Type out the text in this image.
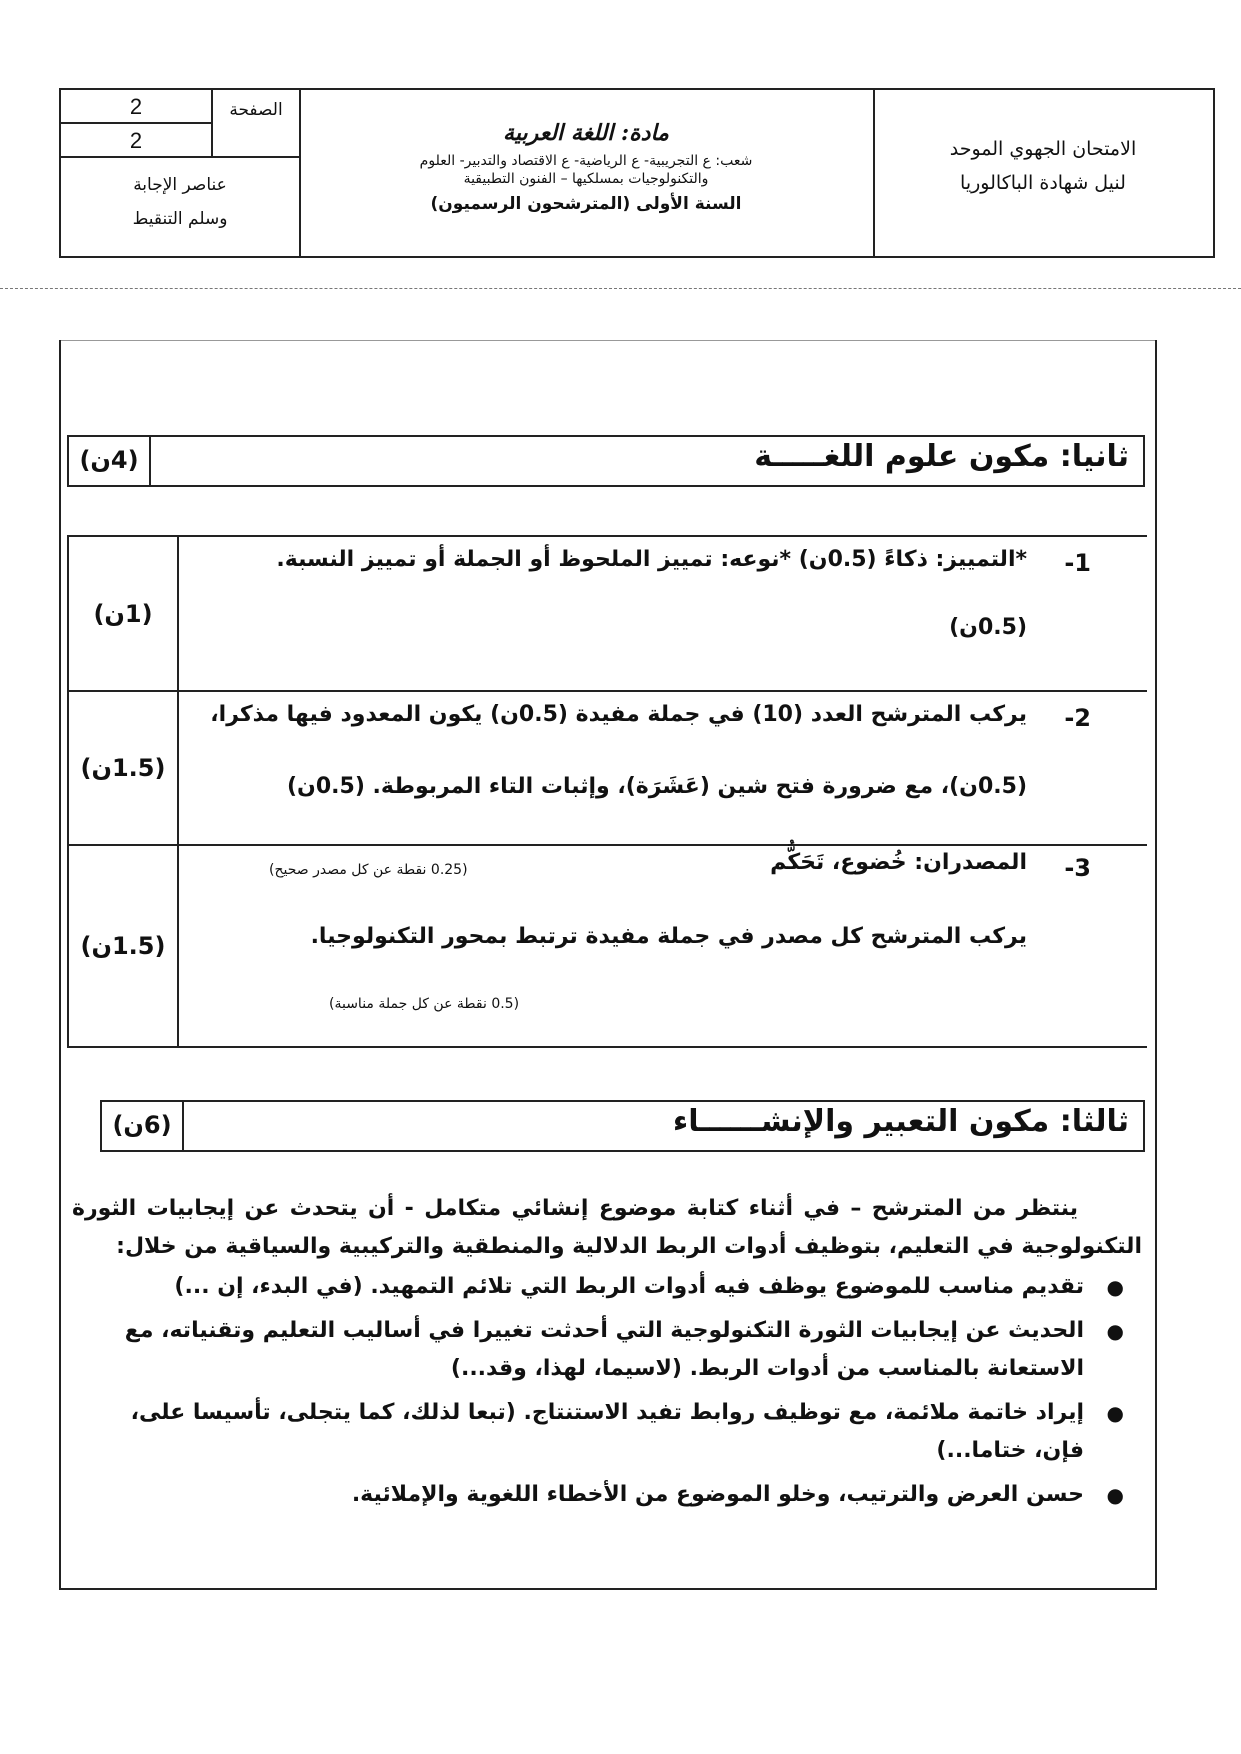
2
2
الصفحة
عناصر الإجابة
وسلم التنقيط
مادة: اللغة العربية
شعب: ع التجريبية- ع الرياضية- ع الاقتصاد والتدبير- العلوم
والتكنولوجيات بمسلكيها – الفنون التطبيقية
السنة الأولى (المترشحون الرسميون)
الامتحان الجهوي الموحد
لنيل شهادة الباكالوريا
(4ن)	ثانيا: مكون علوم اللغـــــة
(1ن)
-1
*التمييز: ذكاءً (0.5ن) *نوعه: تمييز الملحوظ أو الجملة أو تمييز النسبة.
(0.5ن)
(1.5ن)
-2
يركب المترشح العدد (10) في جملة مفيدة (0.5ن) يكون المعدود فيها مذكرا،
(0.5ن)، مع ضرورة فتح شين (عَشَرَة)، وإثبات التاء المربوطة. (0.5ن)
(1.5ن)
-3
المصدران: خُضوع، تَحَكُّم
(0.25 نقطة عن كل مصدر صحيح)
يركب المترشح كل مصدر في جملة مفيدة ترتبط بمحور التكنولوجيا.
(0.5 نقطة عن كل جملة مناسبة)
(6ن)	ثالثا: مكون التعبير والإنشــــــاء

ينتظر من المترشح – في أثناء كتابة موضوع إنشائي متكامل - أن يتحدث عن إيجابيات الثورة التكنولوجية في التعليم، بتوظيف أدوات الربط الدلالية والمنطقية والتركيبية والسياقية من خلال:

●
تقديم مناسب للموضوع يوظف فيه أدوات الربط التي تلائم التمهيد. (في البدء، إن ...)
●
الحديث عن إيجابيات الثورة التكنولوجية التي أحدثت تغييرا في أساليب التعليم وتقنياته، مع الاستعانة بالمناسب من أدوات الربط. (لاسيما، لهذا، وقد...)
●
إيراد خاتمة ملائمة، مع توظيف روابط تفيد الاستنتاج. (تبعا لذلك، كما يتجلى، تأسيسا على، فإن، ختاما...)
●
حسن العرض والترتيب، وخلو الموضوع من الأخطاء اللغوية والإملائية.
